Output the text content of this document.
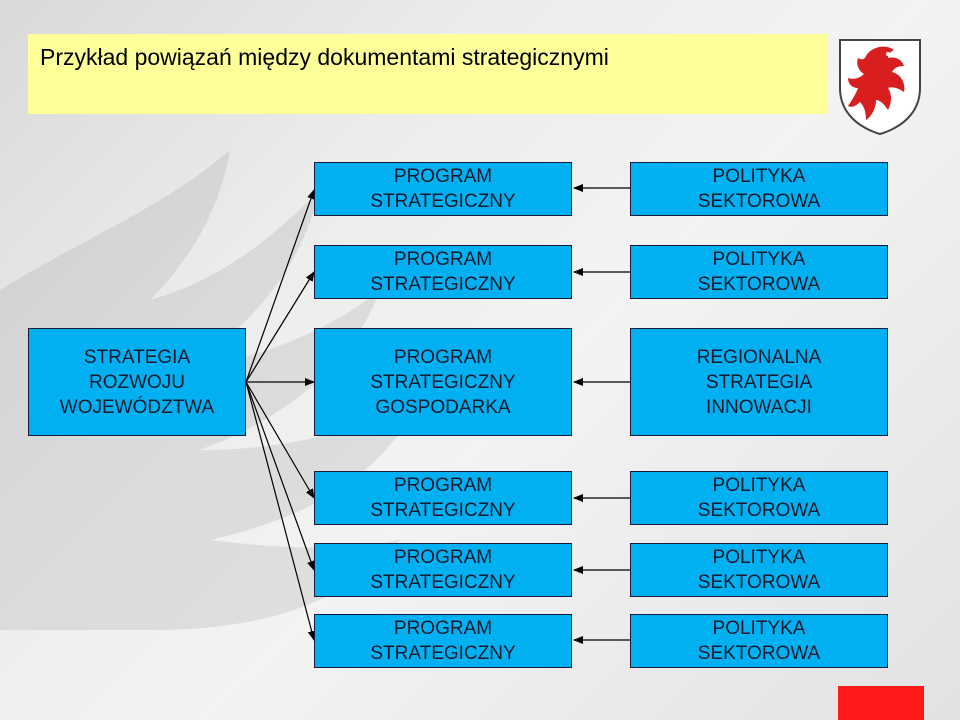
Przykład powiązań między dokumentami strategicznymi
STRATEGIA
ROZWOJU
WOJEWÓDZTWA
PROGRAM
STRATEGICZNY
PROGRAM
STRATEGICZNY
PROGRAM
STRATEGICZNY
GOSPODARKA
PROGRAM
STRATEGICZNY
PROGRAM
STRATEGICZNY
PROGRAM
STRATEGICZNY
POLITYKA
SEKTOROWA
POLITYKA
SEKTOROWA
REGIONALNA
STRATEGIA
INNOWACJI
POLITYKA
SEKTOROWA
POLITYKA
SEKTOROWA
POLITYKA
SEKTOROWA
